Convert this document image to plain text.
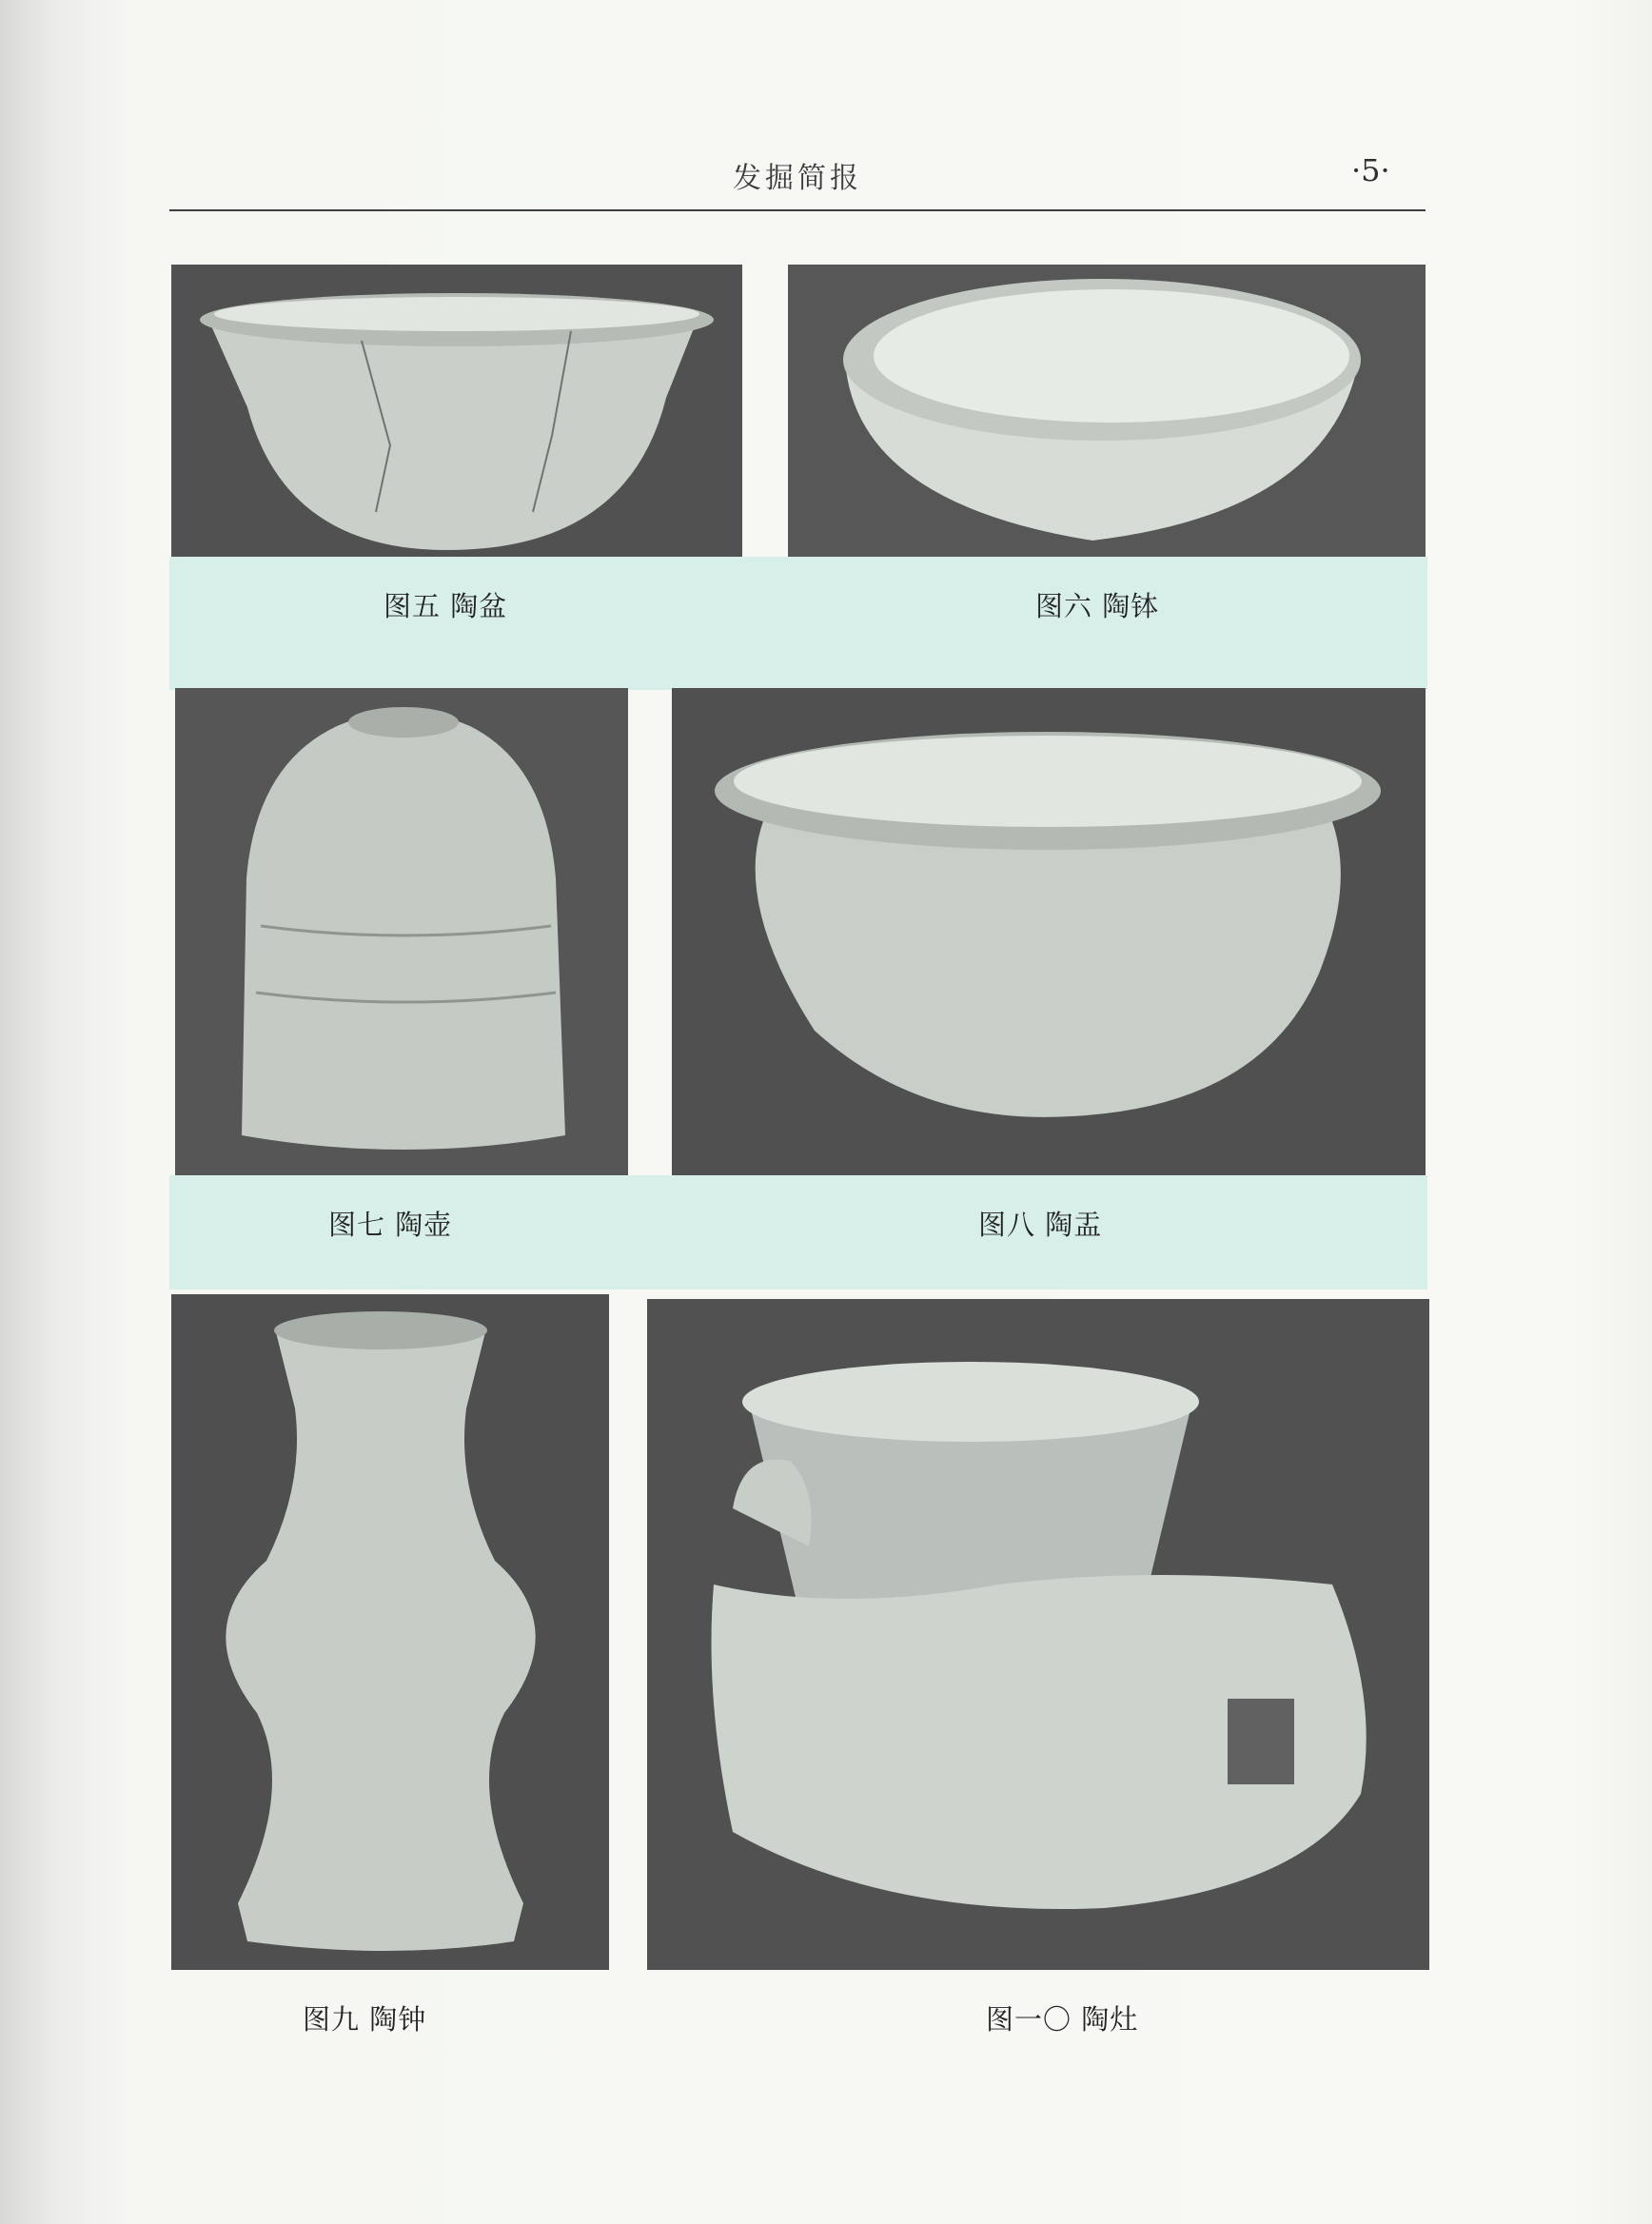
发掘简报	·5·
图五 陶盆	图六 陶钵
图七 陶壶	图八 陶盂
图九 陶钟	图一〇 陶灶
